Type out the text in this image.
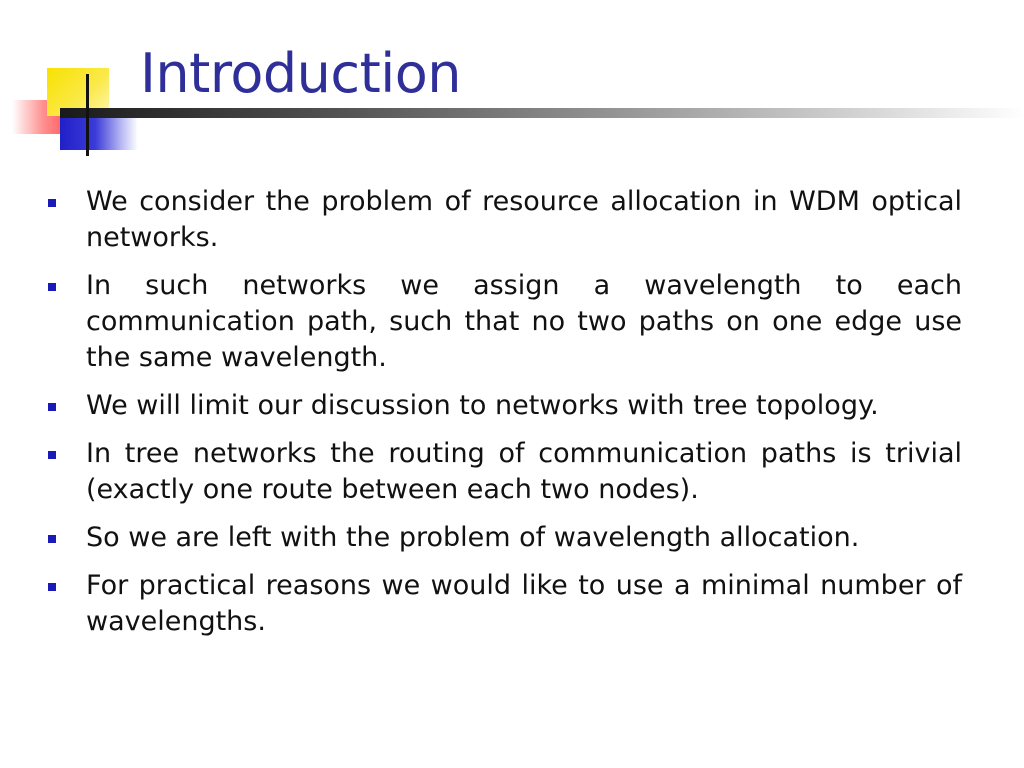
Introduction
We consider the problem of resource allocation in WDM optical networks.
In such networks we assign a wavelength to each communication path, such that no two paths on one edge use the same wavelength.
We will limit our discussion to networks with tree topology.
In tree networks the routing of communication paths is trivial (exactly one route between each two nodes).
So we are left with the problem of wavelength allocation.
For practical reasons we would like to use a minimal number of wavelengths.
